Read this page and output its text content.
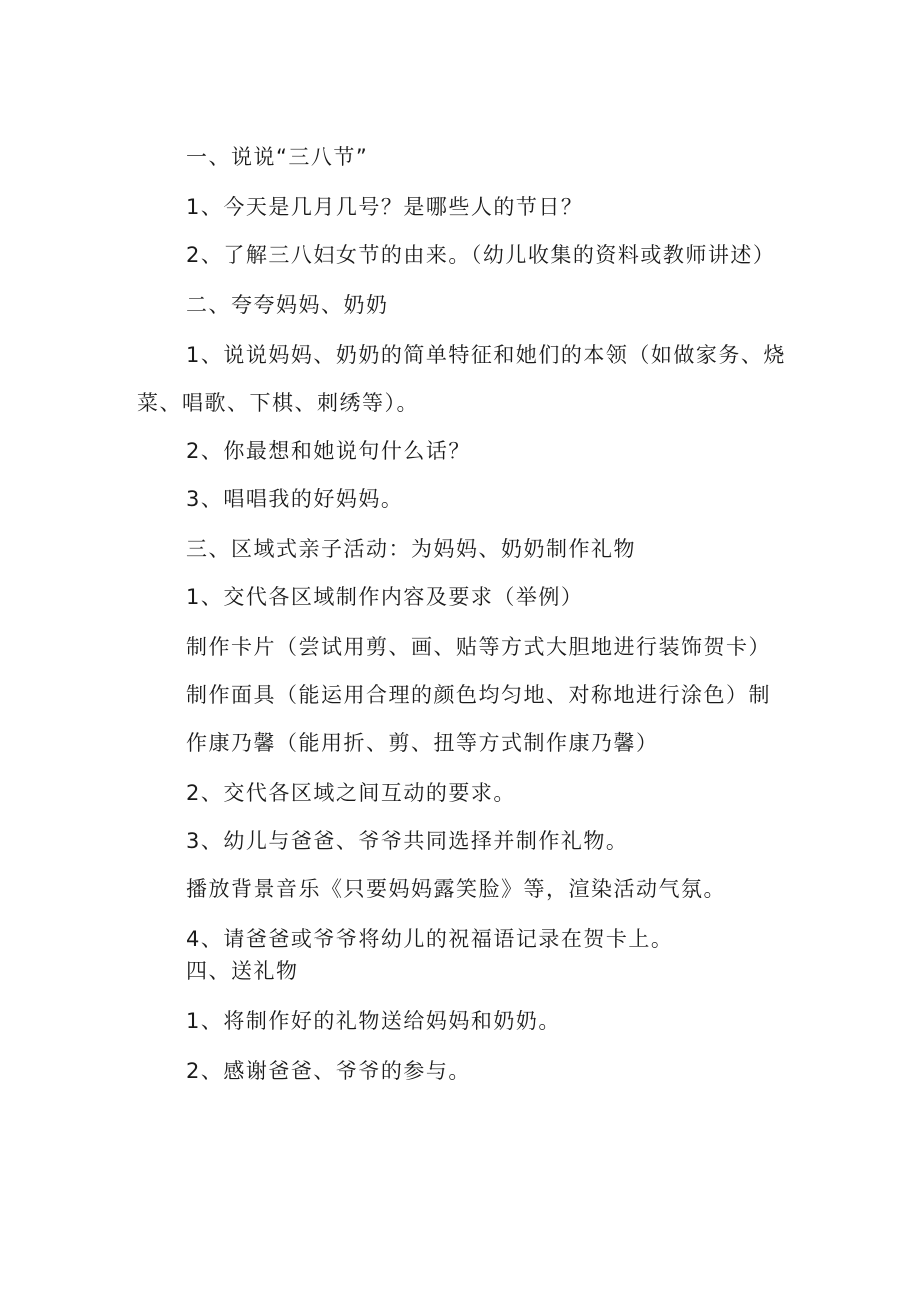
一、说说“三八节”
1、今天是几月几号？是哪些人的节日？
2、了解三八妇女节的由来。（幼儿收集的资料或教师讲述）
二、夸夸妈妈、奶奶
1、说说妈妈、奶奶的简单特征和她们的本领（如做家务、烧
菜、唱歌、下棋、刺绣等）。
2、你最想和她说句什么话？
3、唱唱我的好妈妈。
三、区域式亲子活动：为妈妈、奶奶制作礼物
1、交代各区域制作内容及要求（举例）
制作卡片（尝试用剪、画、贴等方式大胆地进行装饰贺卡）
制作面具（能运用合理的颜色均匀地、对称地进行涂色）制
作康乃馨（能用折、剪、扭等方式制作康乃馨）
2、交代各区域之间互动的要求。
3、幼儿与爸爸、爷爷共同选择并制作礼物。
播放背景音乐《只要妈妈露笑脸》等，渲染活动气氛。
4、请爸爸或爷爷将幼儿的祝福语记录在贺卡上。
四、送礼物
1、将制作好的礼物送给妈妈和奶奶。
2、感谢爸爸、爷爷的参与。
